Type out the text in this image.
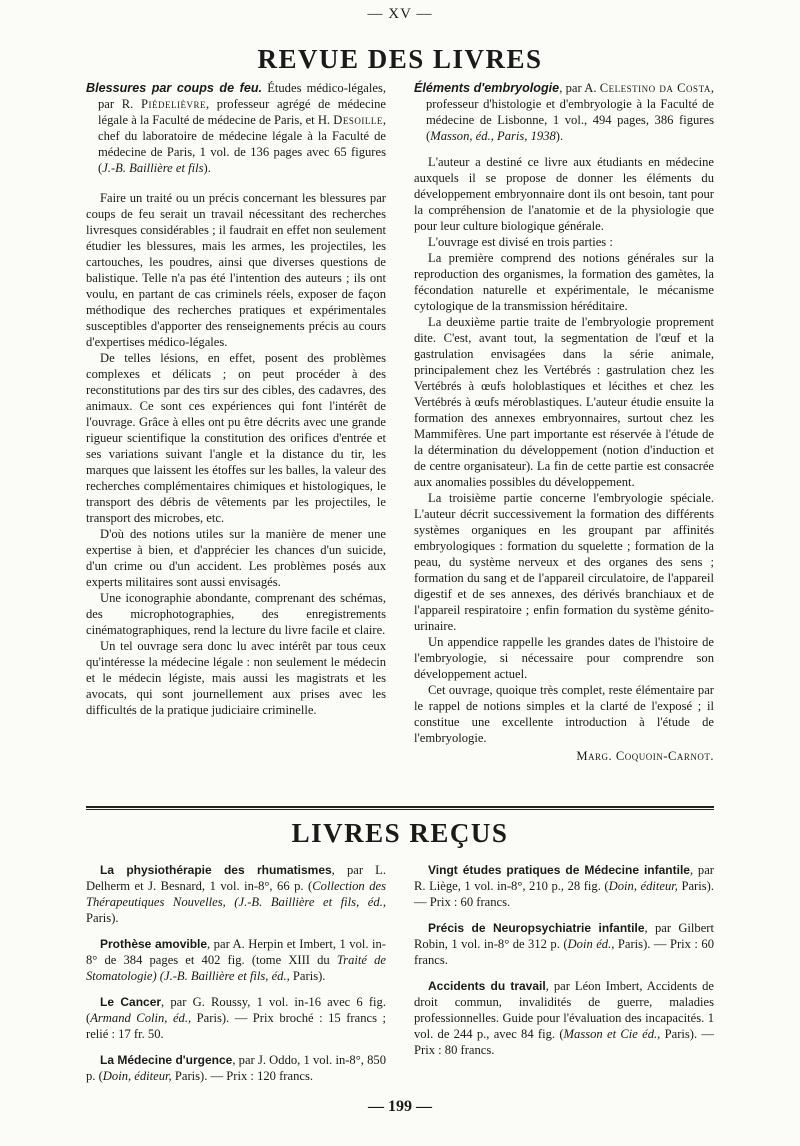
— XV —
REVUE DES LIVRES

Blessures par coups de feu. Études médico-légales, par R. Piédelièvre, professeur agrégé de médecine légale à la Faculté de médecine de Paris, et H. Desoille, chef du laboratoire de médecine légale à la Faculté de médecine de Paris, 1 vol. de 136 pages avec 65 figures (J.-B. Baillière et fils).

Faire un traité ou un précis concernant les blessures par coups de feu serait un travail nécessitant des recherches livresques considérables ; il faudrait en effet non seulement étudier les blessures, mais les armes, les projectiles, les cartouches, les poudres, ainsi que diverses questions de balistique. Telle n'a pas été l'intention des auteurs ; ils ont voulu, en partant de cas criminels réels, exposer de façon méthodique des recherches pratiques et expérimentales susceptibles d'apporter des renseignements précis au cours d'expertises médico-légales.

De telles lésions, en effet, posent des problèmes complexes et délicats ; on peut procéder à des reconstitutions par des tirs sur des cibles, des cadavres, des animaux. Ce sont ces expériences qui font l'intérêt de l'ouvrage. Grâce à elles ont pu être décrits avec une grande rigueur scientifique la constitution des orifices d'entrée et ses variations suivant l'angle et la distance du tir, les marques que laissent les étoffes sur les balles, la valeur des recherches complémentaires chimiques et histologiques, le transport des débris de vêtements par les projectiles, le transport des microbes, etc.

D'où des notions utiles sur la manière de mener une expertise à bien, et d'apprécier les chances d'un suicide, d'un crime ou d'un accident. Les problèmes posés aux experts militaires sont aussi envisagés.

Une iconographie abondante, comprenant des schémas, des microphotographies, des enregistrements cinématographiques, rend la lecture du livre facile et claire.

Un tel ouvrage sera donc lu avec intérêt par tous ceux qu'intéresse la médecine légale : non seulement le médecin et le médecin légiste, mais aussi les magistrats et les avocats, qui sont journellement aux prises avec les difficultés de la pratique judiciaire criminelle.

Éléments d'embryologie, par A. Celestino da Costa, professeur d'histologie et d'embryologie à la Faculté de médecine de Lisbonne, 1 vol., 494 pages, 386 figures (Masson, éd., Paris, 1938).

L'auteur a destiné ce livre aux étudiants en médecine auxquels il se propose de donner les éléments du développement embryonnaire dont ils ont besoin, tant pour la compréhension de l'anatomie et de la physiologie que pour leur culture biologique générale.

L'ouvrage est divisé en trois parties :

La première comprend des notions générales sur la reproduction des organismes, la formation des gamètes, la fécondation naturelle et expérimentale, le mécanisme cytologique de la transmission héréditaire.

La deuxième partie traite de l'embryologie proprement dite. C'est, avant tout, la segmentation de l'œuf et la gastrulation envisagées dans la série animale, principalement chez les Vertébrés : gastrulation chez les Vertébrés à œufs holoblastiques et lécithes et chez les Vertébrés à œufs méroblastiques. L'auteur étudie ensuite la formation des annexes embryonnaires, surtout chez les Mammifères. Une part importante est réservée à l'étude de la détermination du développement (notion d'induction et de centre organisateur). La fin de cette partie est consacrée aux anomalies possibles du développement.

La troisième partie concerne l'embryologie spéciale. L'auteur décrit successivement la formation des différents systèmes organiques en les groupant par affinités embryologiques : formation du squelette ; formation de la peau, du système nerveux et des organes des sens ; formation du sang et de l'appareil circulatoire, de l'appareil digestif et de ses annexes, des dérivés branchiaux et de l'appareil respiratoire ; enfin formation du système génito-urinaire.

Un appendice rappelle les grandes dates de l'histoire de l'embryologie, si nécessaire pour comprendre son développement actuel.

Cet ouvrage, quoique très complet, reste élémentaire par le rappel de notions simples et la clarté de l'exposé ; il constitue une excellente introduction à l'étude de l'embryologie.

Marg. Coquoin-Carnot.

LIVRES REÇUS

La physiothérapie des rhumatismes, par L. Delherm et J. Besnard, 1 vol. in-8°, 66 p. (Collection des Thérapeutiques Nouvelles, (J.-B. Baillière et fils, éd., Paris).

Prothèse amovible, par A. Herpin et Imbert, 1 vol. in-8° de 384 pages et 402 fig. (tome XIII du Traité de Stomatologie) (J.-B. Baillière et fils, éd., Paris).

Le Cancer, par G. Roussy, 1 vol. in-16 avec 6 fig. (Armand Colin, éd., Paris). — Prix broché : 15 francs ; relié : 17 fr. 50.

La Médecine d'urgence, par J. Oddo, 1 vol. in-8°, 850 p. (Doin, éditeur, Paris). — Prix : 120 francs.

Vingt études pratiques de Médecine infantile, par R. Liège, 1 vol. in-8°, 210 p., 28 fig. (Doin, éditeur, Paris). — Prix : 60 francs.

Précis de Neuropsychiatrie infantile, par Gilbert Robin, 1 vol. in-8° de 312 p. (Doin éd., Paris). — Prix : 60 francs.

Accidents du travail, par Léon Imbert, Accidents de droit commun, invalidités de guerre, maladies professionnelles. Guide pour l'évaluation des incapacités. 1 vol. de 244 p., avec 84 fig. (Masson et Cie éd., Paris). — Prix : 80 francs.

— 199 —
